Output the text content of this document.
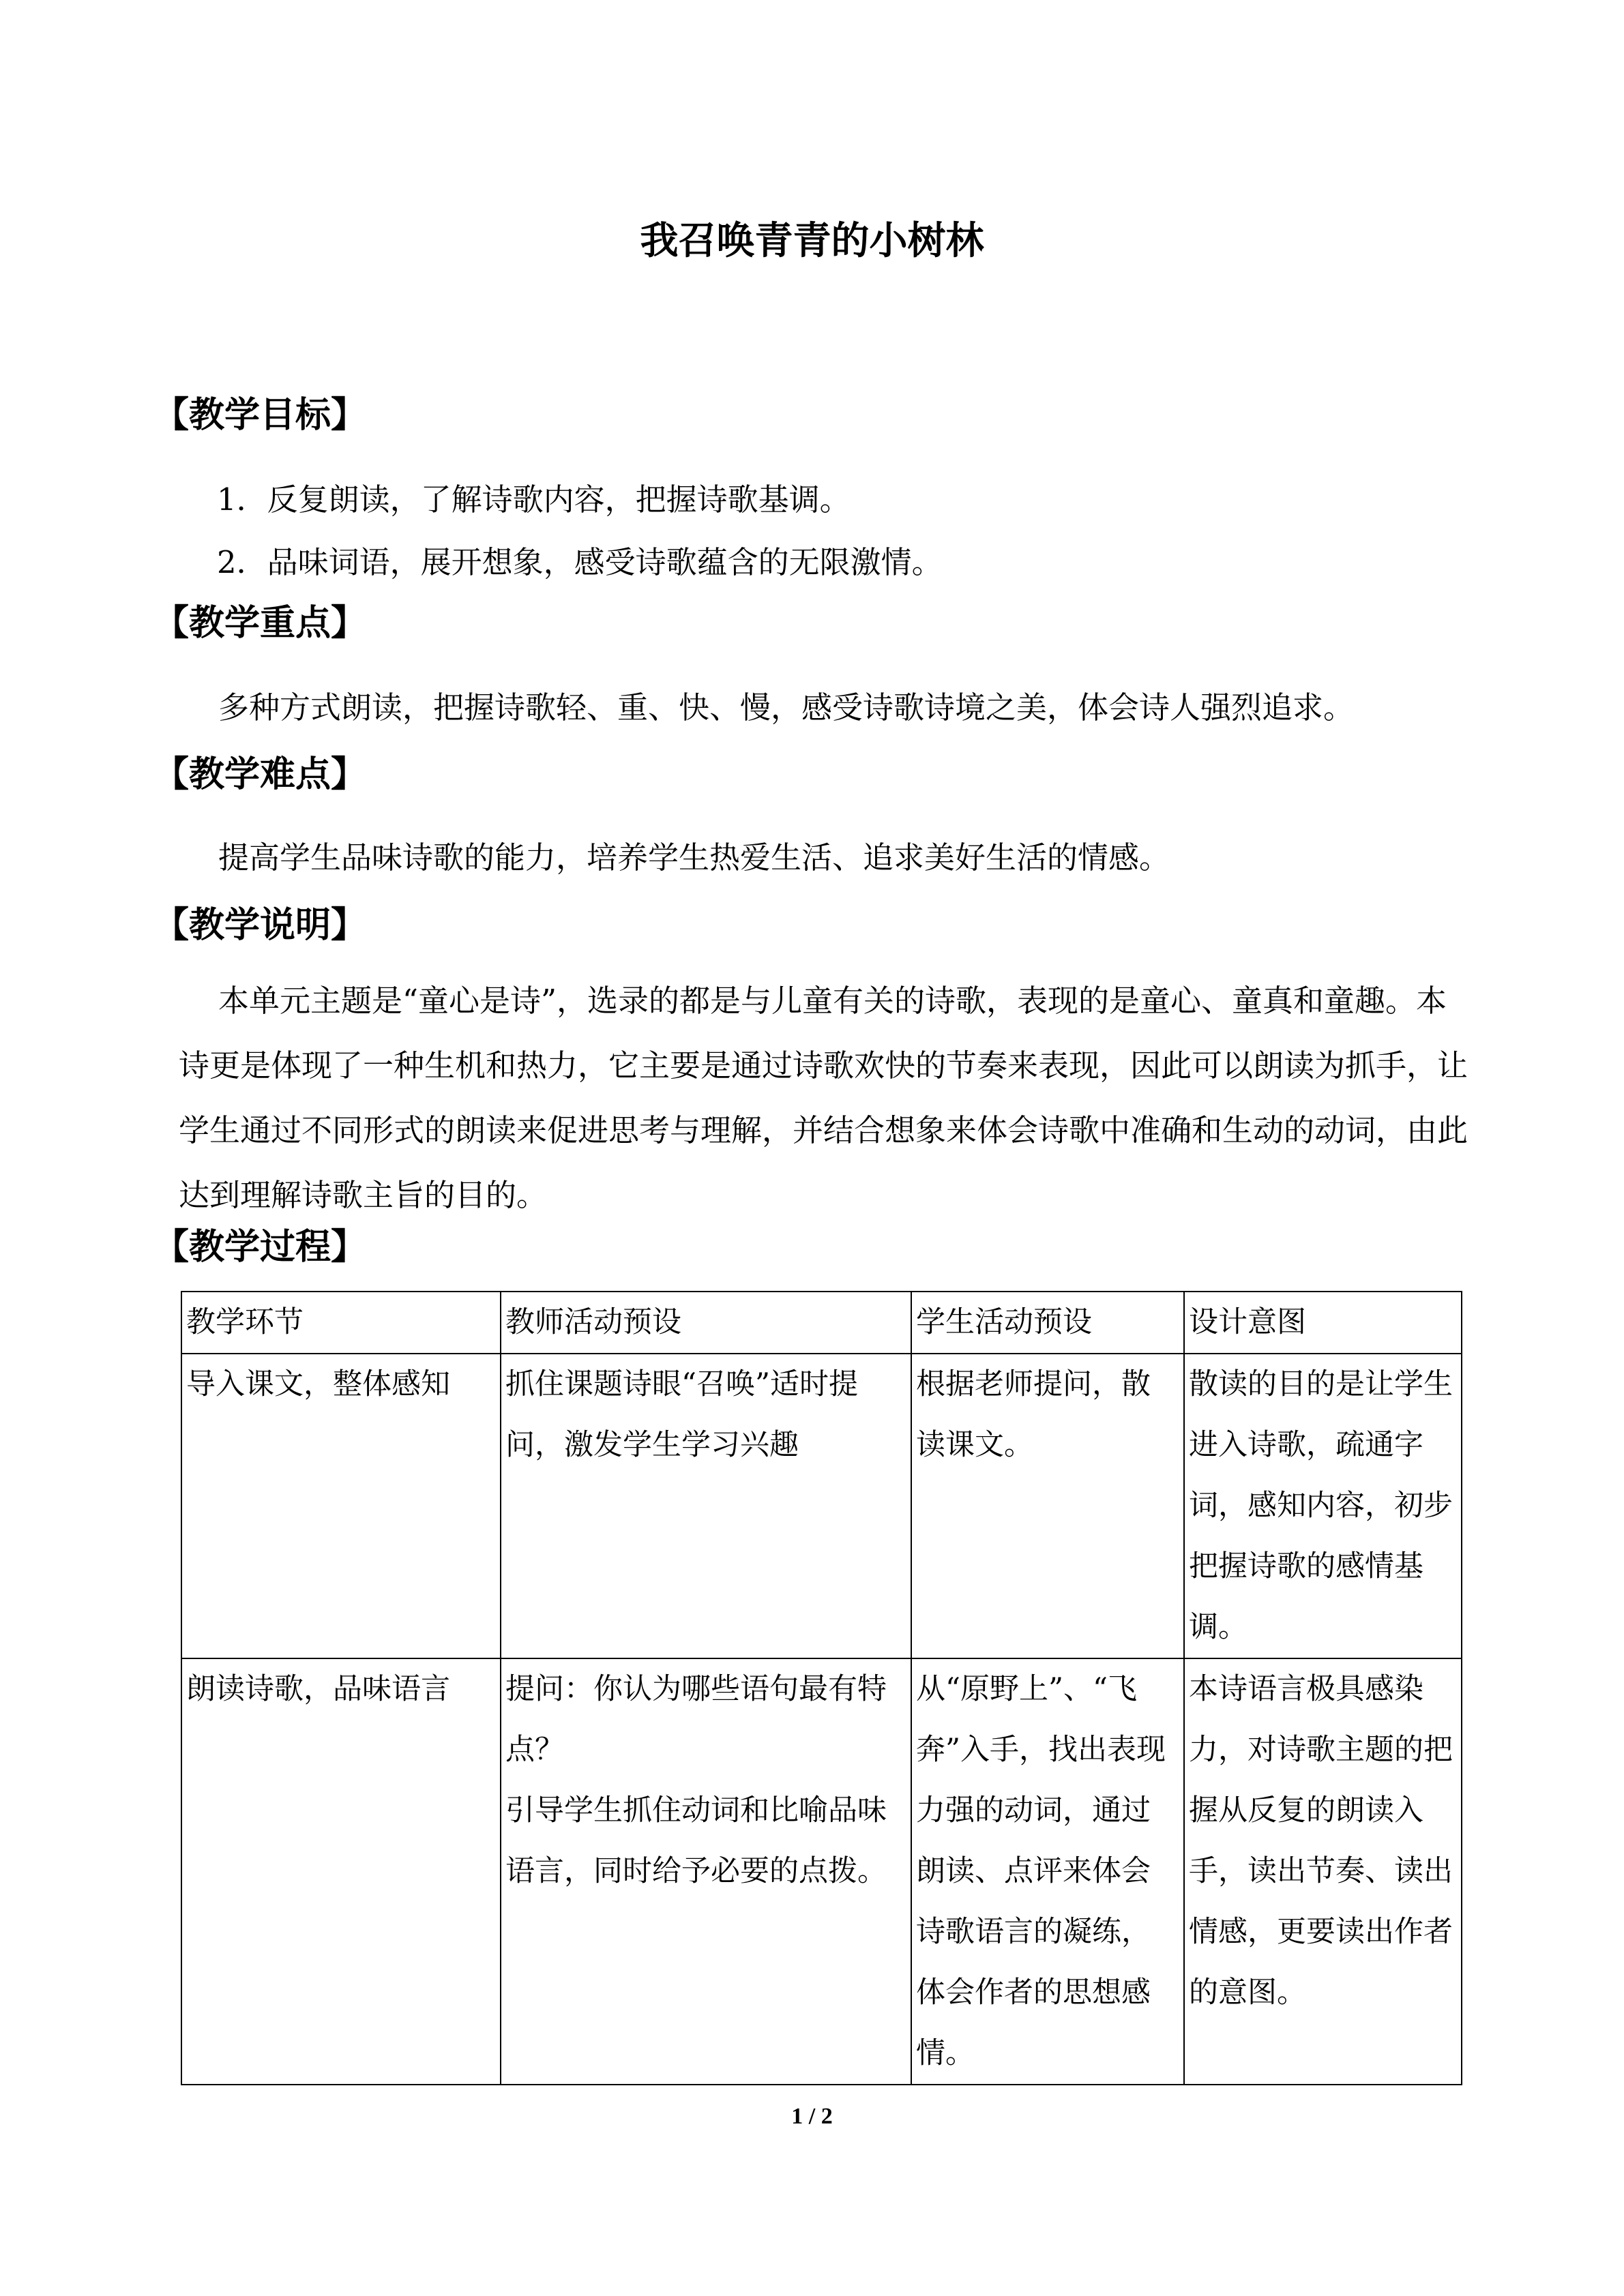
我召唤青青的小树林
【教学目标】
1．反复朗读，了解诗歌内容，把握诗歌基调。
2．品味词语，展开想象，感受诗歌蕴含的无限激情。
【教学重点】
多种方式朗读，把握诗歌轻、重、快、慢，感受诗歌诗境之美，体会诗人强烈追求。
【教学难点】
提高学生品味诗歌的能力，培养学生热爱生活、追求美好生活的情感。
【教学说明】
本单元主题是“童心是诗”，选录的都是与儿童有关的诗歌，表现的是童心、童真和童趣。本诗更是体现了一种生机和热力，它主要是通过诗歌欢快的节奏来表现，因此可以朗读为抓手，让学生通过不同形式的朗读来促进思考与理解，并结合想象来体会诗歌中准确和生动的动词，由此达到理解诗歌主旨的目的。
【教学过程】
教学环节	教师活动预设	学生活动预设	设计意图
导入课文，整体感知	抓住课题诗眼“召唤”适时提问，激发学生学习兴趣	根据老师提问，散读课文。	散读的目的是让学生进入诗歌，疏通字词，感知内容，初步把握诗歌的感情基调。
朗读诗歌，品味语言	提问：你认为哪些语句最有特点？
引导学生抓住动词和比喻品味语言，同时给予必要的点拨。	从“原野上”、“飞奔”入手，找出表现力强的动词，通过朗读、点评来体会诗歌语言的凝练，体会作者的思想感情。	本诗语言极具感染力，对诗歌主题的把握从反复的朗读入手，读出节奏、读出情感，更要读出作者的意图。
1 / 2
